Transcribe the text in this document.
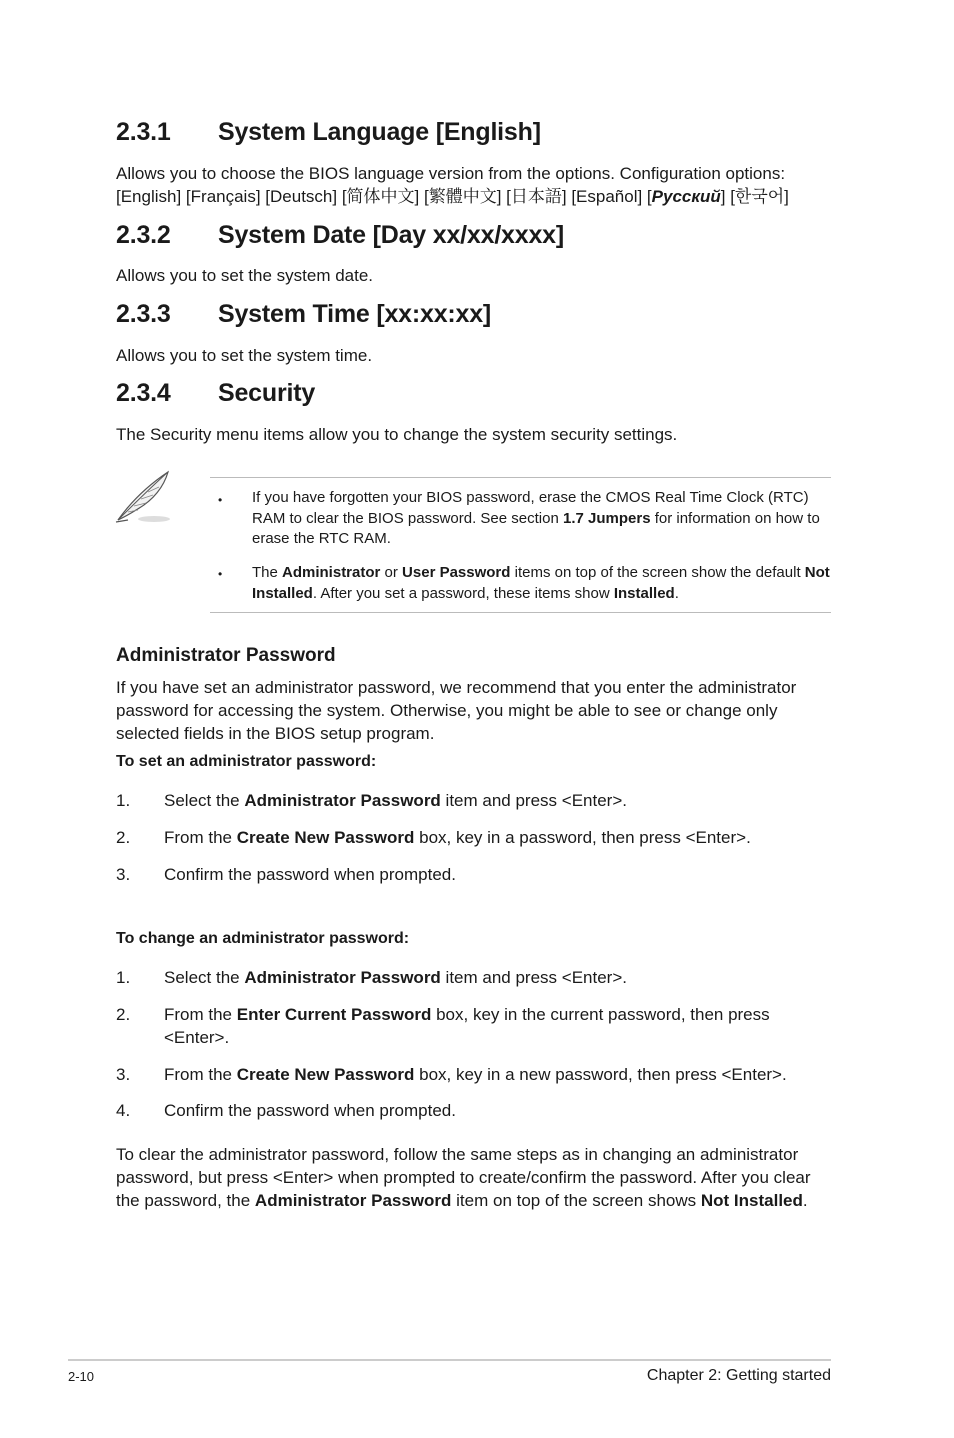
2.3.1 System Language [English]

Allows you to choose the BIOS language version from the options. Configuration options:

[English] [Français] [Deutsch] [简体中文] [繁體中文] [日本語] [Español] [Русский] [한국어]

2.3.2 System Date [Day xx/xx/xxxx]

Allows you to set the system date.

2.3.3 System Time [xx:xx:xx]

Allows you to set the system time.

2.3.4 Security

The Security menu items allow you to change the system security settings.

• If you have forgotten your BIOS password, erase the CMOS Real Time Clock (RTC) RAM to clear the BIOS password. See section 1.7 Jumpers for information on how to erase the RTC RAM.
• The Administrator or User Password items on top of the screen show the default Not Installed. After you set a password, these items show Installed.
Administrator Password

If you have set an administrator password, we recommend that you enter the administrator password for accessing the system. Otherwise, you might be able to see or change only selected fields in the BIOS setup program.

To set an administrator password:

1. Select the Administrator Password item and press <Enter>.
2. From the Create New Password box, key in a password, then press <Enter>.
3. Confirm the password when prompted.

To change an administrator password:

1. Select the Administrator Password item and press <Enter>.
2. From the Enter Current Password box, key in the current password, then press <Enter>.
3. From the Create New Password box, key in a new password, then press <Enter>.
4. Confirm the password when prompted.

To clear the administrator password, follow the same steps as in changing an administrator password, but press <Enter> when prompted to create/confirm the password. After you clear the password, the Administrator Password item on top of the screen shows Not Installed.

2-10	Chapter 2: Getting started
